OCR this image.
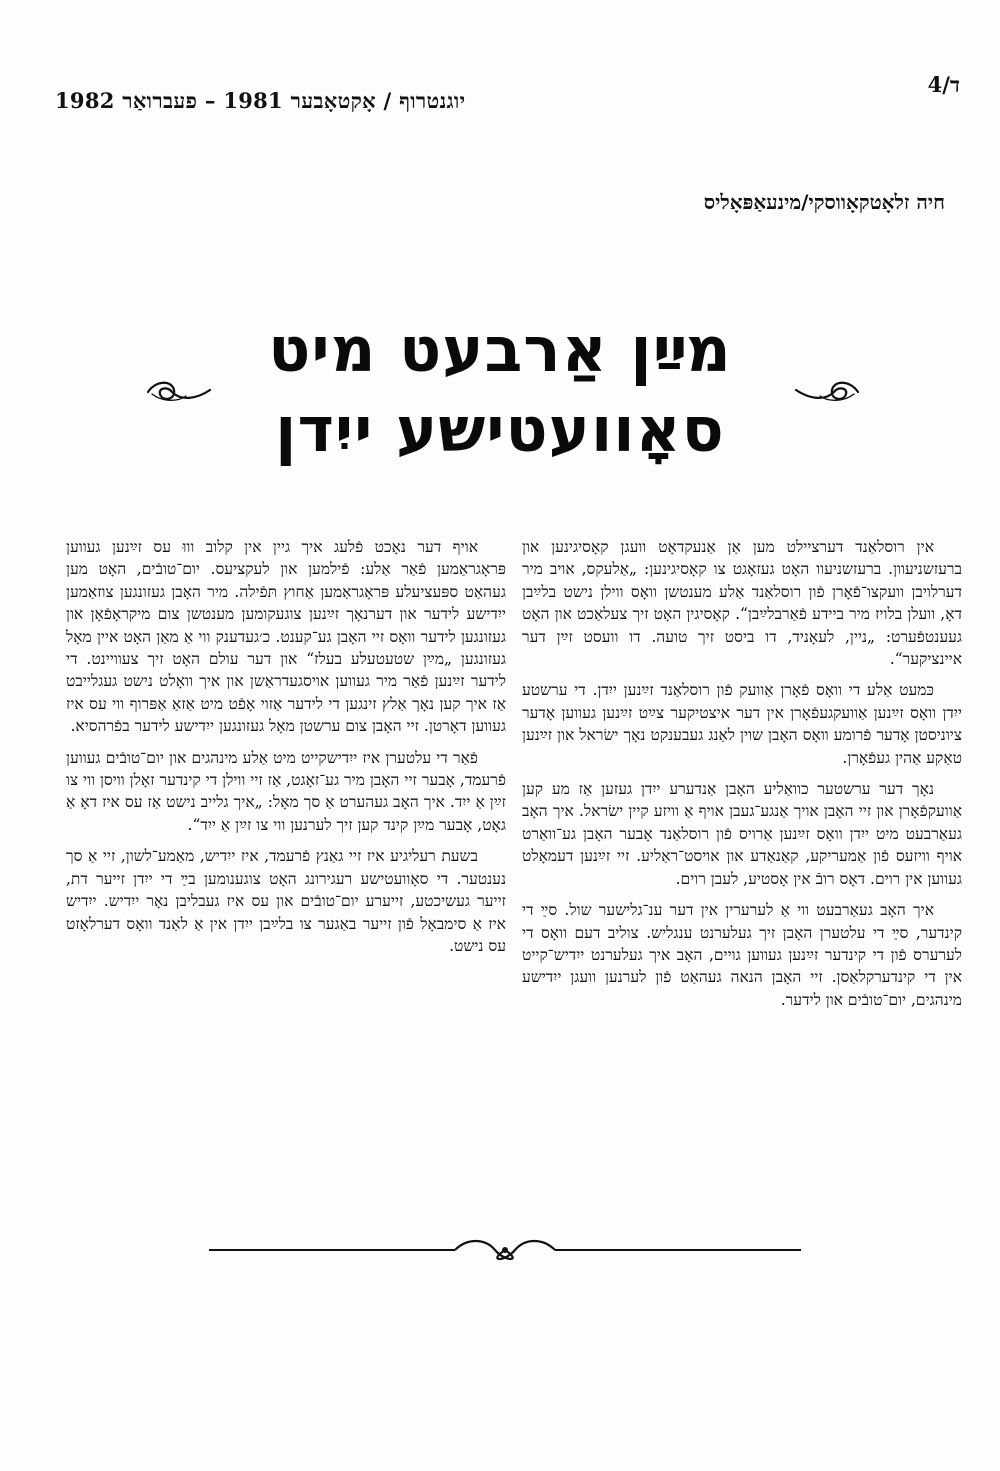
יוגנטרוף / אָקטאָבער 1981 – פעברואַר 1982
ד/4
חיה זלאָטקאָווסקי/מינעאַפּאָליס
מײַן אַרבעט מיט
סאָוועטישע ייִדן

אין רוסלאַנד דערציילט מען אַן אַנעקדאָט וועגן קאָסיגינען און ברעזשניעוון. ברעזשניעוו האָט געזאָגט צו קאָסיגינען: „אַלעקס, אויב מיר דערלויבן וועקצו־פֿאָרן פֿון רוסלאַנד אַלע מענטשן וואָס ווילן נישט בלײַבן דאָ, וועלן בלויז מיר ביידע פֿאַרבלײַבן“. קאָסיגין האָט זיך צעלאַכט און האָט געענטפֿערט: „ניין, לעאָניד, דו ביסט זיך טועה. דו וועסט זײַן דער איינציקער“.

כּמעט אַלע די וואָס פֿאָרן אַוועק פֿון רוסלאַנד זײַנען ייִדן. די ערשטע ייִדן וואָס זײַנען אַוועקגעפֿאָרן אין דער איצטיקער צײַט זײַנען געווען אָדער ציוניסטן אָדער פֿרומע וואָס האָבן שוין לאַנג געבענקט נאָך ישׂראל און זײַנען טאַקע אַהין געפֿאָרן.

נאָך דער ערשטער כוואַליע האָבן אַנדערע ייִדן געזען אַז מע קען אַוועקפֿאָרן און זיי האָבן אויך אַנגע־געבן אויף אַ וויזע קיין ישׂראל. איך האָב געאַרבעט מיט ייִדן וואָס זײַנען אַרויס פֿון רוסלאַנד אָבער האָבן גע־וואַרט אויף וויזעס פֿון אַמעריקע, קאַנאַדע און אויסט־ראַליע. זיי זײַנען דעמאָלט געווען אין רוים. דאָס רובֿ אין אָסטיע, לעבן רוים.

איך האָב געאַרבעט ווי אַ לערערין אין דער ענ־גלישער שול. סײַ די קינדער, סײַ די עלטערן האָבן זיך געלערנט ענגליש. צוליב דעם וואָס די לערערס פֿון די קינדער זײַנען געווען גויים, האָב איך געלערנט ייִדיש־קייט אין די קינדערקלאַסן. זיי האָבן הנאה געהאַט פֿון לערנען וועגן ייִדישע מינהגים, יום־טובֿים און לידער.

אויף דער נאָכט פֿלעג איך גיין אין קלוב וווּ עס זײַנען געווען פּראָגראַמען פֿאַר אַלע: פֿילמען און לעקציעס. יום־טובֿים, האָט מען געהאַט ספּעציעלע פּראָגראַמען אַחוץ תּפֿילה. מיר האָבן געזונגען צוזאַמען ייִדישע לידער און דערנאָך זײַנען צוגעקומען מענטשן צום מיקראָפֿאָן און געזונגען לידער וואָס זיי האָבן גע־קענט. כ׳געדענק ווי אַ מאַן האָט איין מאָל געזונגען „מײַן שטעטעלע בעלז“ און דער עולם האָט זיך צעוויינט. די לידער זײַנען פֿאַר מיר געווען אויסגעדראַשן און איך וואָלט נישט געגלייבט אַז איך קען נאָך אַלץ זינגען די לידער אַזוי אָפֿט מיט אַזאַ אַפּרוף ווי עס איז געווען דאָרטן. זיי האָבן צום ערשטן מאָל געזונגען ייִדישע לידער בפֿרהסיא.

פֿאַר די עלטערן איז ייִדישקייט מיט אַלע מינהגים און יום־טובֿים געווען פֿרעמד, אָבער זיי האָבן מיר גע־זאָגט, אַז זיי ווילן די קינדער זאָלן וויסן ווי צו זײַן אַ ייִד. איך האָב געהערט אַ סך מאָל: „איך גלייב נישט אַז עס איז דאָ אַ גאָט, אָבער מײַן קינד קען זיך לערנען ווי צו זײַן אַ ייִד“.

בשעת רעליגיע איז זיי גאַנץ פֿרעמד, איז ייִדיש, מאַמע־לשון, זיי אַ סך נענטער. די סאָוועטישע רעגירונג האָט צוגענומען בײַ די ייִדן זייער דת, זייער געשיכטע, זייערע יום־טובֿים און עס איז געבליבן נאָר ייִדיש. ייִדיש איז אַ סימבאָל פֿון זייער באַגער צו בלײַבן ייִדן אין אַ לאַנד וואָס דערלאָזט עס נישט.
